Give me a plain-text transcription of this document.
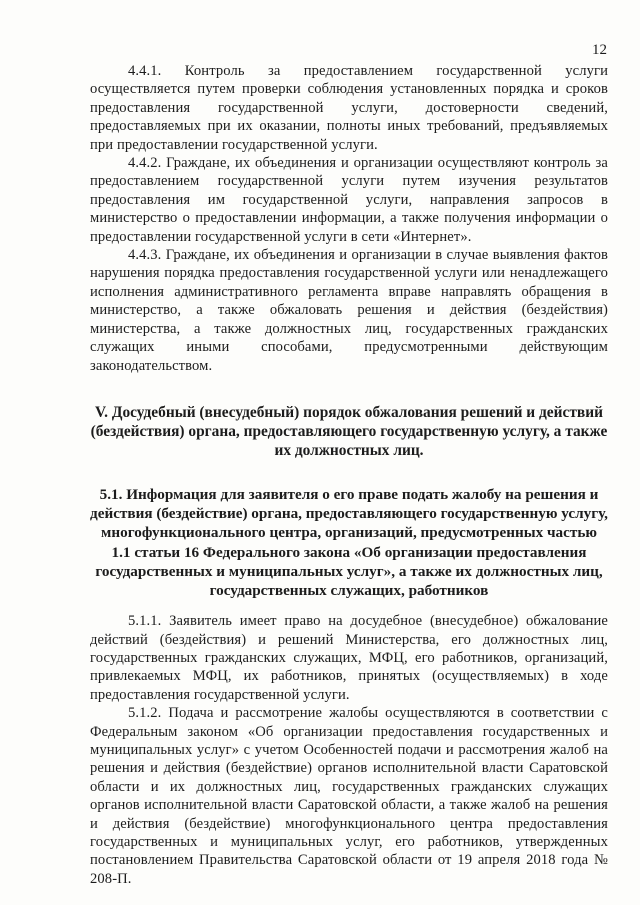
12

4.4.1. Контроль за предоставлением государственной услуги осуществляется путем проверки соблюдения установленных порядка и сроков предоставления государственной услуги, достоверности сведений, предоставляемых при их оказании, полноты иных требований, предъявляемых при предоставлении государственной услуги.

4.4.2. Граждане, их объединения и организации осуществляют контроль за предоставлением государственной услуги путем изучения результатов предоставления им государственной услуги, направления запросов в министерство о предоставлении информации, а также получения информации о предоставлении государственной услуги в сети «Интернет».

4.4.3. Граждане, их объединения и организации в случае выявления фактов нарушения порядка предоставления государственной услуги или ненадлежащего исполнения административного регламента вправе направлять обращения в министерство, а также обжаловать решения и действия (бездействия) министерства, а также должностных лиц, государственных гражданских служащих иными способами, предусмотренными действующим законодательством.

V. Досудебный (внесудебный) порядок обжалования решений и действий (бездействия) органа, предоставляющего государственную услугу, а также их должностных лиц.
5.1. Информация для заявителя о его праве подать жалобу на решения и действия (бездействие) органа, предоставляющего государственную услугу, многофункционального центра, организаций, предусмотренных частью 1.1 статьи 16 Федерального закона «Об организации предоставления государственных и муниципальных услуг», а также их должностных лиц, государственных служащих, работников

5.1.1. Заявитель имеет право на досудебное (внесудебное) обжалование действий (бездействия) и решений Министерства, его должностных лиц, государственных гражданских служащих, МФЦ, его работников, организаций, привлекаемых МФЦ, их работников, принятых (осуществляемых) в ходе предоставления государственной услуги.

5.1.2. Подача и рассмотрение жалобы осуществляются в соответствии с Федеральным законом «Об организации предоставления государственных и муниципальных услуг» с учетом Особенностей подачи и рассмотрения жалоб на решения и действия (бездействие) органов исполнительной власти Саратовской области и их должностных лиц, государственных гражданских служащих органов исполнительной власти Саратовской области, а также жалоб на решения и действия (бездействие) многофункционального центра предоставления государственных и муниципальных услуг, его работников, утвержденных постановлением Правительства Саратовской области от 19 апреля 2018 года № 208-П.
